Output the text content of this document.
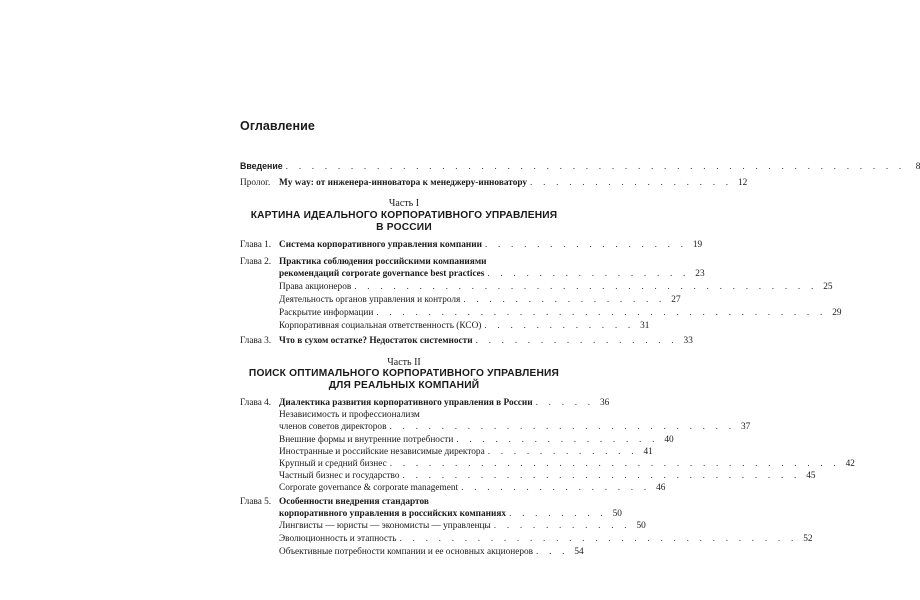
Оглавление
Введение . . . . . . . . . . . . . . . . . . . . . . . . . . . . . . . . . . . . . . . . . . . . . . . .	8
Пролог. My way: от инженера-инноватора к менеджеру-инноватору . . . . . . . . . . . . . . . . 12
Часть I
КАРТИНА ИДЕАЛЬНОГО КОРПОРАТИВНОГО УПРАВЛЕНИЯ
В РОССИИ
Глава 1. Система корпоративного управления компании . . . . . . . . . . . . . . . . 19
Глава 2. Практика соблюдения российскими компаниями
рекомендаций corporate governance best practices . . . . . . . . . . . . . . . . 23
Права акционеров . . . . . . . . . . . . . . . . . . . . . . . . . . . . . . . . . . . . 25
Деятельность органов управления и контроля . . . . . . . . . . . . . . . . 27
Раскрытие информации . . . . . . . . . . . . . . . . . . . . . . . . . . . . . . . . . . . 29
Корпоративная социальная ответственность (КСО) . . . . . . . . . . . . 31
Глава 3. Что в сухом остатке? Недостаток системности . . . . . . . . . . . . . . . . 33
Часть II
ПОИСК ОПТИМАЛЬНОГО КОРПОРАТИВНОГО УПРАВЛЕНИЯ
ДЛЯ РЕАЛЬНЫХ КОМПАНИЙ
Глава 4. Диалектика развития корпоративного управления в России . . . . . 36
Независимость и профессионализм
членов советов директоров . . . . . . . . . . . . . . . . . . . . . . . . . . . 37
Внешние формы и внутренние потребности . . . . . . . . . . . . . . . . 40
Иностранные и российские независимые директора . . . . . . . . . . . . 41
Крупный и средний бизнес . . . . . . . . . . . . . . . . . . . . . . . . . . . . . . . . . . . 42
Частный бизнес и государство . . . . . . . . . . . . . . . . . . . . . . . . . . . . . . . 45
Corporate governance & corporate management . . . . . . . . . . . . . . . 46
Глава 5. Особенности внедрения стандартов
корпоративного управления в российских компаниях . . . . . . . . 50
Лингвисты — юристы — экономисты — управленцы . . . . . . . . . . . 50
Эволюционность и этапность . . . . . . . . . . . . . . . . . . . . . . . . . . . . . . . 52
Объективные потребности компании и ее основных акционеров . . . 54
